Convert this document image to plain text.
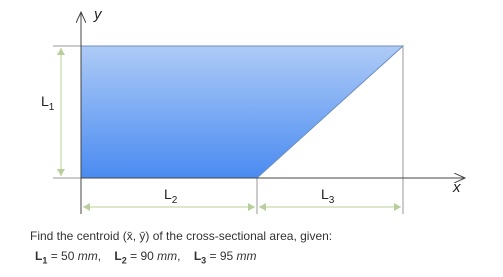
y
x
$L_1$
$L_2$	$L_3$
Find the centroid (x̄, ȳ) of the cross-sectional area, given:
$L_1 = 50$ mm, $L_2 = 90$ mm, $L_3 = 95$ mm
